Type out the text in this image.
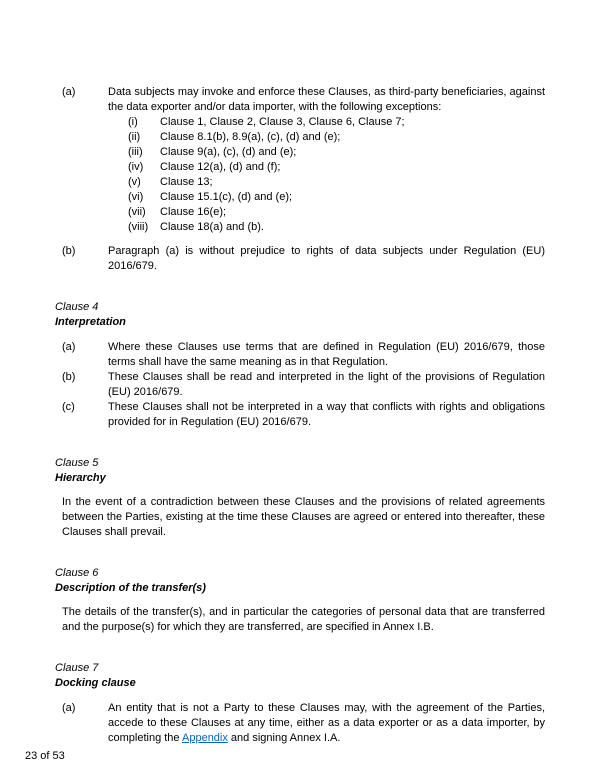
(a)	Data subjects may invoke and enforce these Clauses, as third-party beneficiaries, against the data exporter and/or data importer, with the following exceptions:
(i)	Clause 1, Clause 2, Clause 3, Clause 6, Clause 7;
(ii)	Clause 8.1(b), 8.9(a), (c), (d) and (e);
(iii)	Clause 9(a), (c), (d) and (e);
(iv)	Clause 12(a), (d) and (f);
(v)	Clause 13;
(vi)	Clause 15.1(c), (d) and (e);
(vii)	Clause 16(e);
(viii)	Clause 18(a) and (b).
(b)	Paragraph (a) is without prejudice to rights of data subjects under Regulation (EU) 2016/679.
Clause 4
Interpretation
(a)	Where these Clauses use terms that are defined in Regulation (EU) 2016/679, those terms shall have the same meaning as in that Regulation.
(b)	These Clauses shall be read and interpreted in the light of the provisions of Regulation (EU) 2016/679.
(c)	These Clauses shall not be interpreted in a way that conflicts with rights and obligations provided for in Regulation (EU) 2016/679.
Clause 5
Hierarchy
In the event of a contradiction between these Clauses and the provisions of related agreements between the Parties, existing at the time these Clauses are agreed or entered into thereafter, these Clauses shall prevail.
Clause 6
Description of the transfer(s)
The details of the transfer(s), and in particular the categories of personal data that are transferred and the purpose(s) for which they are transferred, are specified in Annex I.B.
Clause 7
Docking clause
(a)	An entity that is not a Party to these Clauses may, with the agreement of the Parties, accede to these Clauses at any time, either as a data exporter or as a data importer, by completing the Appendix and signing Annex I.A.
23 of 53
